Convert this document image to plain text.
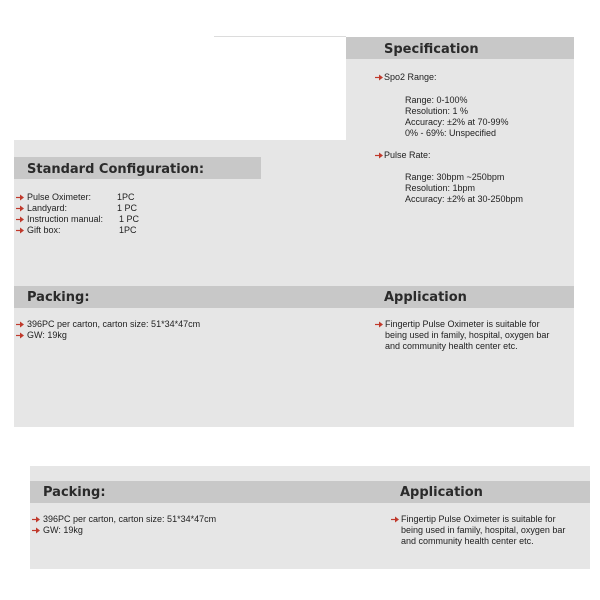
Specification
Spo2 Range:
Range: 0-100%
Resolution: 1 %
Accuracy: ±2% at 70-99%
0% - 69%: Unspecified
Pulse Rate:
Range: 30bpm ~250bpm
Resolution: 1bpm
Accuracy: ±2% at 30-250bpm
Standard Configuration:
Pulse Oximeter:	1PC
Landyard:	1 PC
Instruction manual: 1 PC
Gift box:	1PC
Packing:	Application
396PC per carton, carton size: 51*34*47cm
GW: 19kg
Fingertip Pulse Oximeter is suitable for
being used in family, hospital, oxygen bar
and community health center etc.
Packing:	Application
396PC per carton, carton size: 51*34*47cm
GW: 19kg
Fingertip Pulse Oximeter is suitable for
being used in family, hospital, oxygen bar
and community health center etc.
